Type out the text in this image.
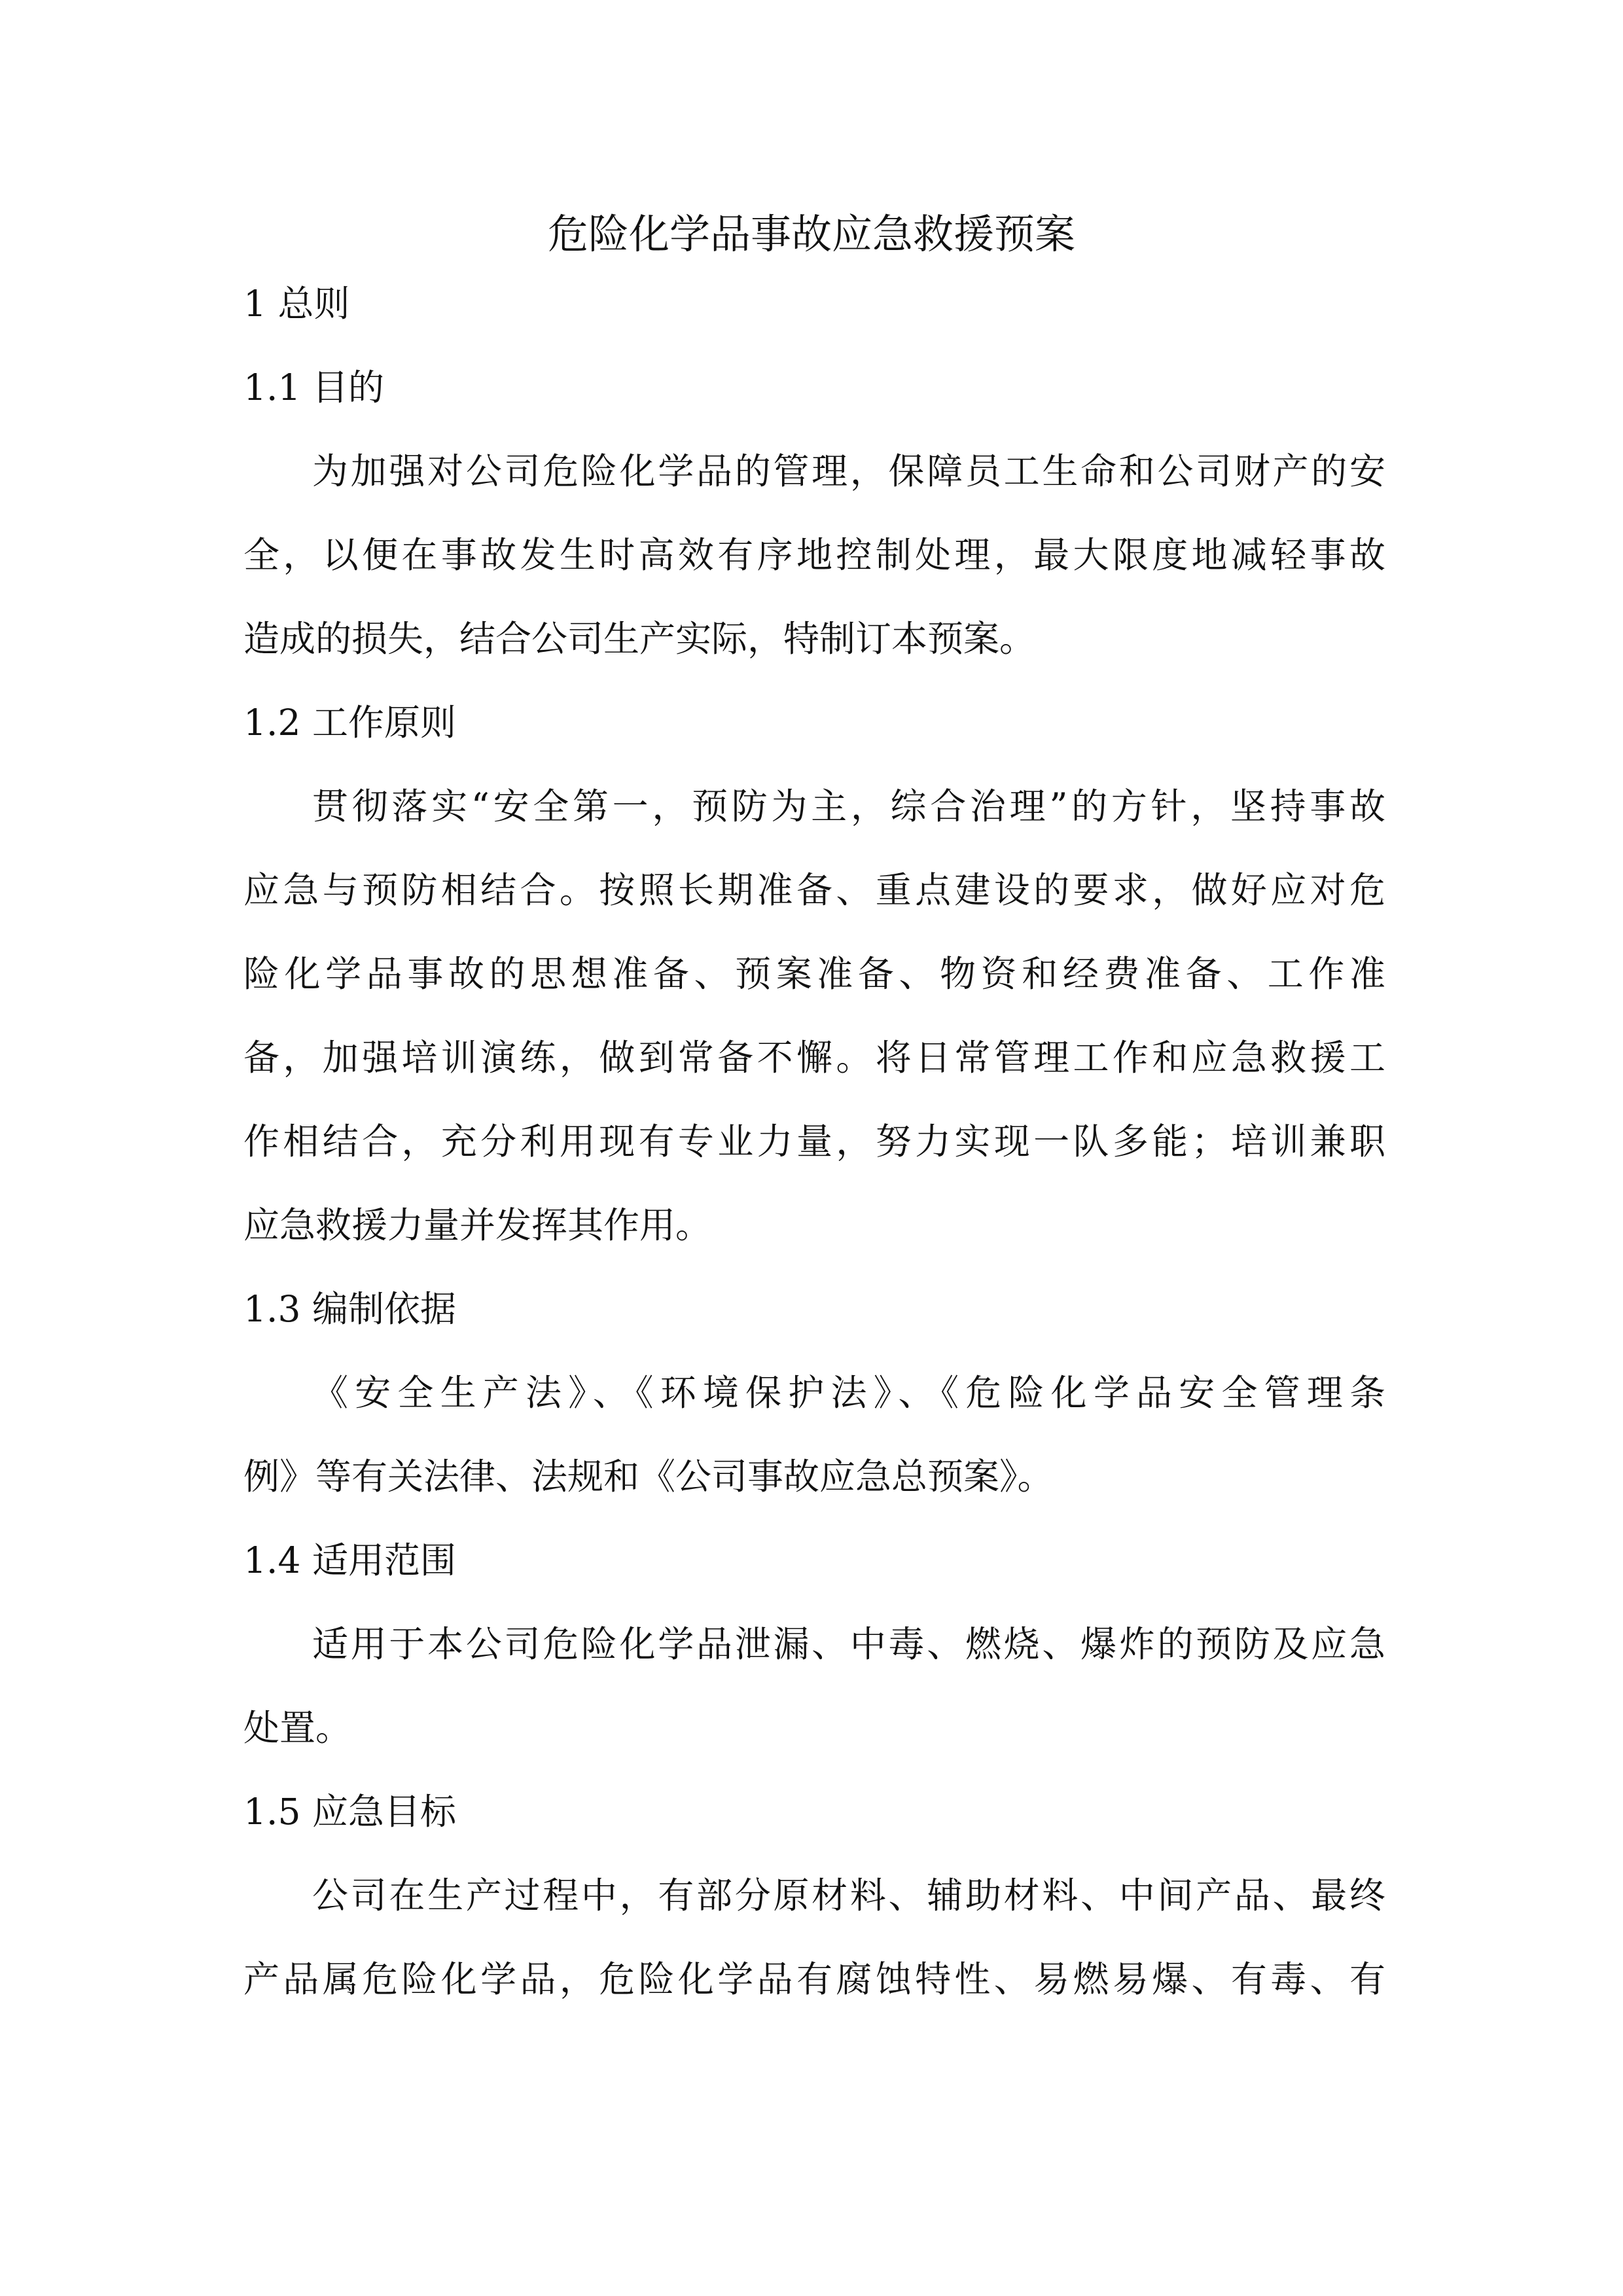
危险化学品事故应急救援预案
1 总则
1.1 目的
为加强对公司危险化学品的管理，保障员工生命和公司财产的安
全，以便在事故发生时高效有序地控制处理，最大限度地减轻事故
造成的损失，结合公司生产实际，特制订本预案。
1.2 工作原则
贯彻落实“安全第一，预防为主，综合治理”的方针，坚持事故
应急与预防相结合。按照长期准备、重点建设的要求，做好应对危
险化学品事故的思想准备、预案准备、物资和经费准备、工作准
备，加强培训演练，做到常备不懈。将日常管理工作和应急救援工
作相结合，充分利用现有专业力量，努力实现一队多能；培训兼职
应急救援力量并发挥其作用。
1.3 编制依据
《安全生产法》、《环境保护法》、《危险化学品安全管理条
例》等有关法律、法规和《公司事故应急总预案》。
1.4 适用范围
适用于本公司危险化学品泄漏、中毒、燃烧、爆炸的预防及应急
处置。
1.5 应急目标
公司在生产过程中，有部分原材料、辅助材料、中间产品、最终
产品属危险化学品，危险化学品有腐蚀特性、易燃易爆、有毒、有
